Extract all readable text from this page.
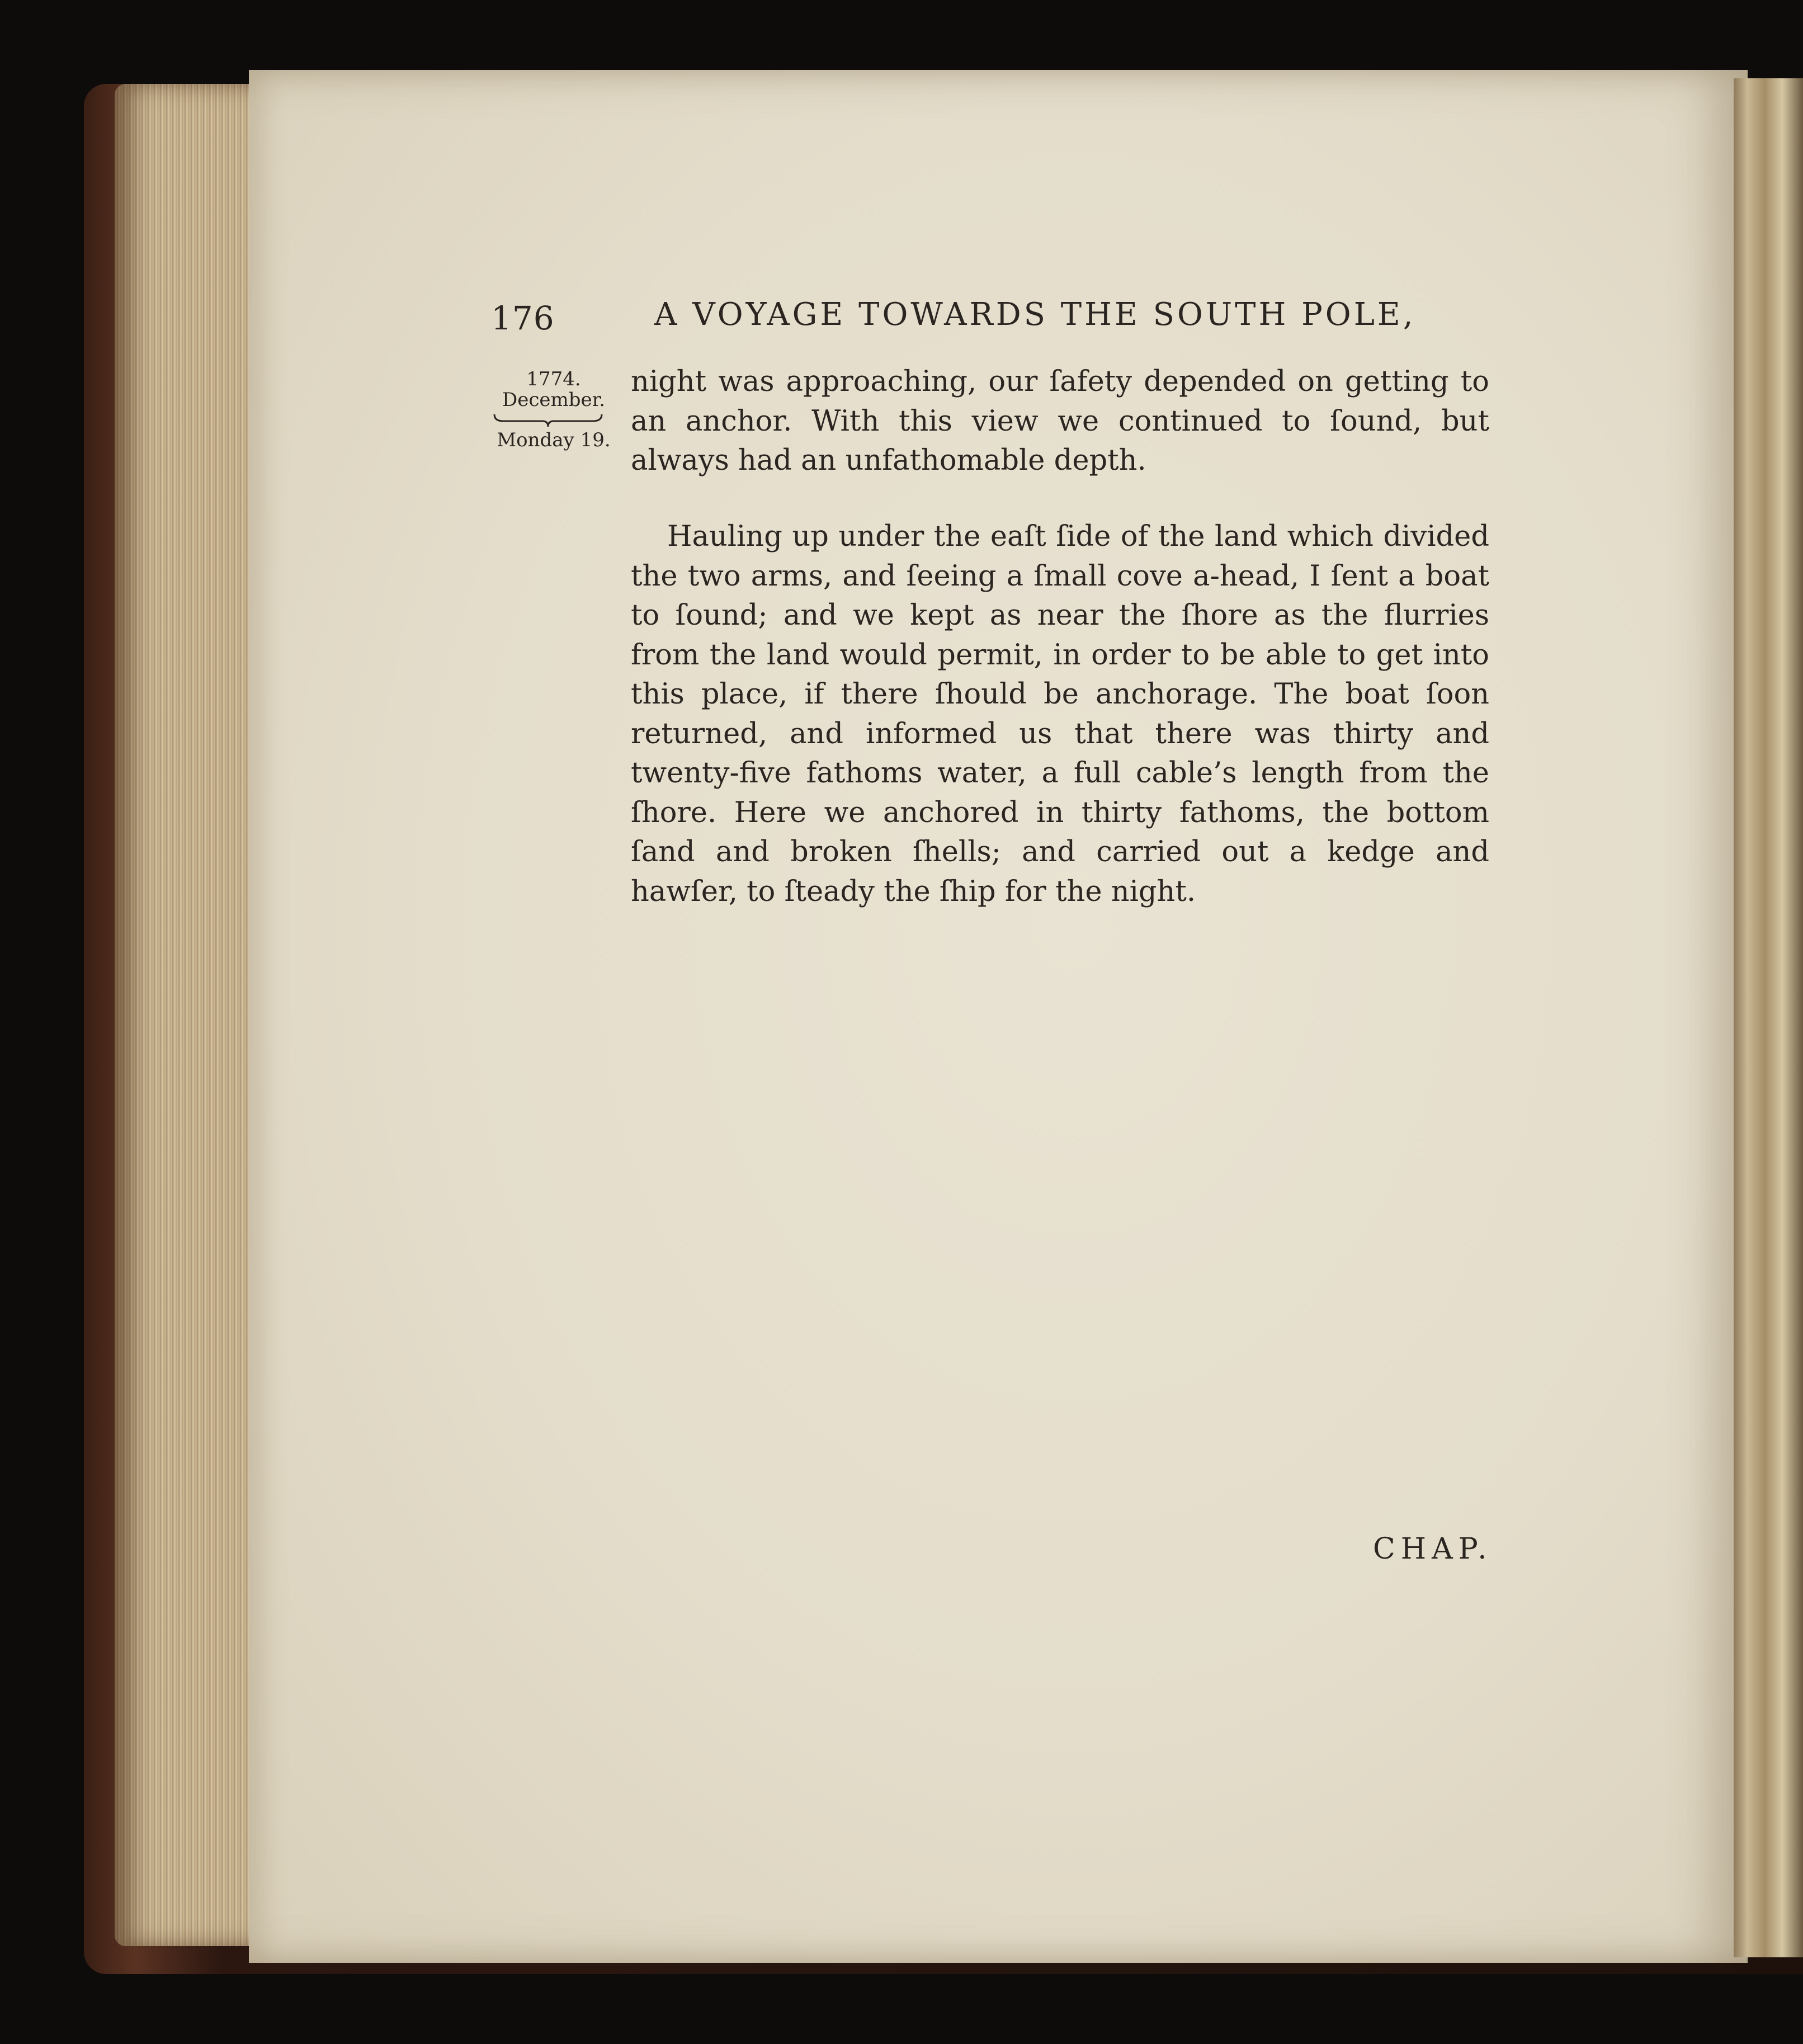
176	A VOYAGE TOWARDS THE SOUTH POLE,
1774.
December.
Monday 19.
night was approaching, our ſafety depended on getting to an anchor. With this view we continued to ſound, but always had an unfathomable depth.
Hauling up under the eaſt ſide of the land which divided the two arms, and ſeeing a ſmall cove a-head, I ſent a boat to ſound; and we kept as near the ſhore as the flurries from the land would permit, in order to be able to get into this place, if there ſhould be anchorage. The boat ſoon returned, and informed us that there was thirty and twenty-five fathoms water, a full cable’s length from the ſhore. Here we anchored in thirty fathoms, the bottom ſand and broken ſhells; and carried out a kedge and hawſer, to ſteady the ſhip for the night.
CHAP.
